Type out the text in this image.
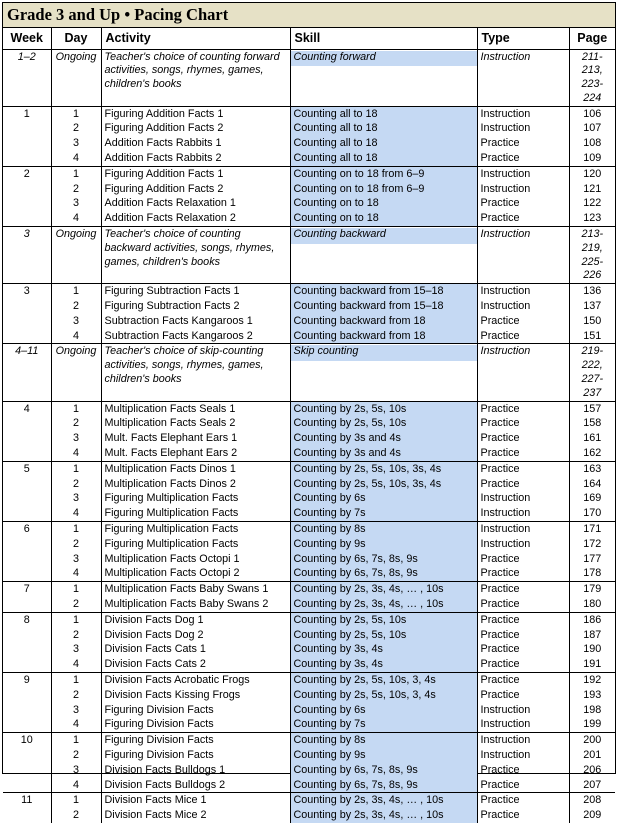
Grade 3 and Up • Pacing Chart
Week	Day	Activity	Skill	Type	Page
1–2	Ongoing	Teacher's choice of counting forward activities, songs, rhymes, games, children's books	Counting forward	Instruction	211-213, 223-224
1	1	Figuring Addition Facts 1	Counting all to 18	Instruction	106
	2	Figuring Addition Facts 2	Counting all to 18	Instruction	107
	3	Addition Facts Rabbits 1	Counting all to 18	Practice	108
	4	Addition Facts Rabbits 2	Counting all to 18	Practice	109
2	1	Figuring Addition Facts 1	Counting on to 18 from 6–9	Instruction	120
	2	Figuring Addition Facts 2	Counting on to 18 from 6–9	Instruction	121
	3	Addition Facts Relaxation 1	Counting on to 18	Practice	122
	4	Addition Facts Relaxation 2	Counting on to 18	Practice	123
3	Ongoing	Teacher's choice of counting backward activities, songs, rhymes, games, children's books	Counting backward	Instruction	213-219, 225-226
3	1	Figuring Subtraction Facts 1	Counting backward from 15–18	Instruction	136
	2	Figuring Subtraction Facts 2	Counting backward from 15–18	Instruction	137
	3	Subtraction Facts Kangaroos 1	Counting backward from 18	Practice	150
	4	Subtraction Facts Kangaroos 2	Counting backward from 18	Practice	151
4–11	Ongoing	Teacher's choice of skip-counting activities, songs, rhymes, games, children's books	Skip counting	Instruction	219-222, 227-237
4	1	Multiplication Facts Seals 1	Counting by 2s, 5s, 10s	Practice	157
	2	Multiplication Facts Seals 2	Counting by 2s, 5s, 10s	Practice	158
	3	Mult. Facts Elephant Ears 1	Counting by 3s and 4s	Practice	161
	4	Mult. Facts Elephant Ears 2	Counting by 3s and 4s	Practice	162
5	1	Multiplication Facts Dinos 1	Counting by 2s, 5s, 10s, 3s, 4s	Practice	163
	2	Multiplication Facts Dinos 2	Counting by 2s, 5s, 10s, 3s, 4s	Practice	164
	3	Figuring Multiplication Facts	Counting by 6s	Instruction	169
	4	Figuring Multiplication Facts	Counting by 7s	Instruction	170
6	1	Figuring Multiplication Facts	Counting by 8s	Instruction	171
	2	Figuring Multiplication Facts	Counting by 9s	Instruction	172
	3	Multiplication Facts Octopi 1	Counting by 6s, 7s, 8s, 9s	Practice	177
	4	Multiplication Facts Octopi 2	Counting by 6s, 7s, 8s, 9s	Practice	178
7	1	Multiplication Facts Baby Swans 1	Counting by 2s, 3s, 4s, … , 10s	Practice	179
	2	Multiplication Facts Baby Swans 2	Counting by 2s, 3s, 4s, … , 10s	Practice	180
8	1	Division Facts Dog 1	Counting by 2s, 5s, 10s	Practice	186
	2	Division Facts Dog 2	Counting by 2s, 5s, 10s	Practice	187
	3	Division Facts Cats 1	Counting by 3s, 4s	Practice	190
	4	Division Facts Cats 2	Counting by 3s, 4s	Practice	191
9	1	Division Facts Acrobatic Frogs	Counting by 2s, 5s, 10s, 3, 4s	Practice	192
	2	Division Facts Kissing Frogs	Counting by 2s, 5s, 10s, 3, 4s	Practice	193
	3	Figuring Division Facts	Counting by 6s	Instruction	198
	4	Figuring Division Facts	Counting by 7s	Instruction	199
10	1	Figuring Division Facts	Counting by 8s	Instruction	200
	2	Figuring Division Facts	Counting by 9s	Instruction	201
	3	Division Facts Bulldogs 1	Counting by 6s, 7s, 8s, 9s	Practice	206
	4	Division Facts Bulldogs 2	Counting by 6s, 7s, 8s, 9s	Practice	207
11	1	Division Facts Mice 1	Counting by 2s, 3s, 4s, … , 10s	Practice	208
	2	Division Facts Mice 2	Counting by 2s, 3s, 4s, … , 10s	Practice	209
